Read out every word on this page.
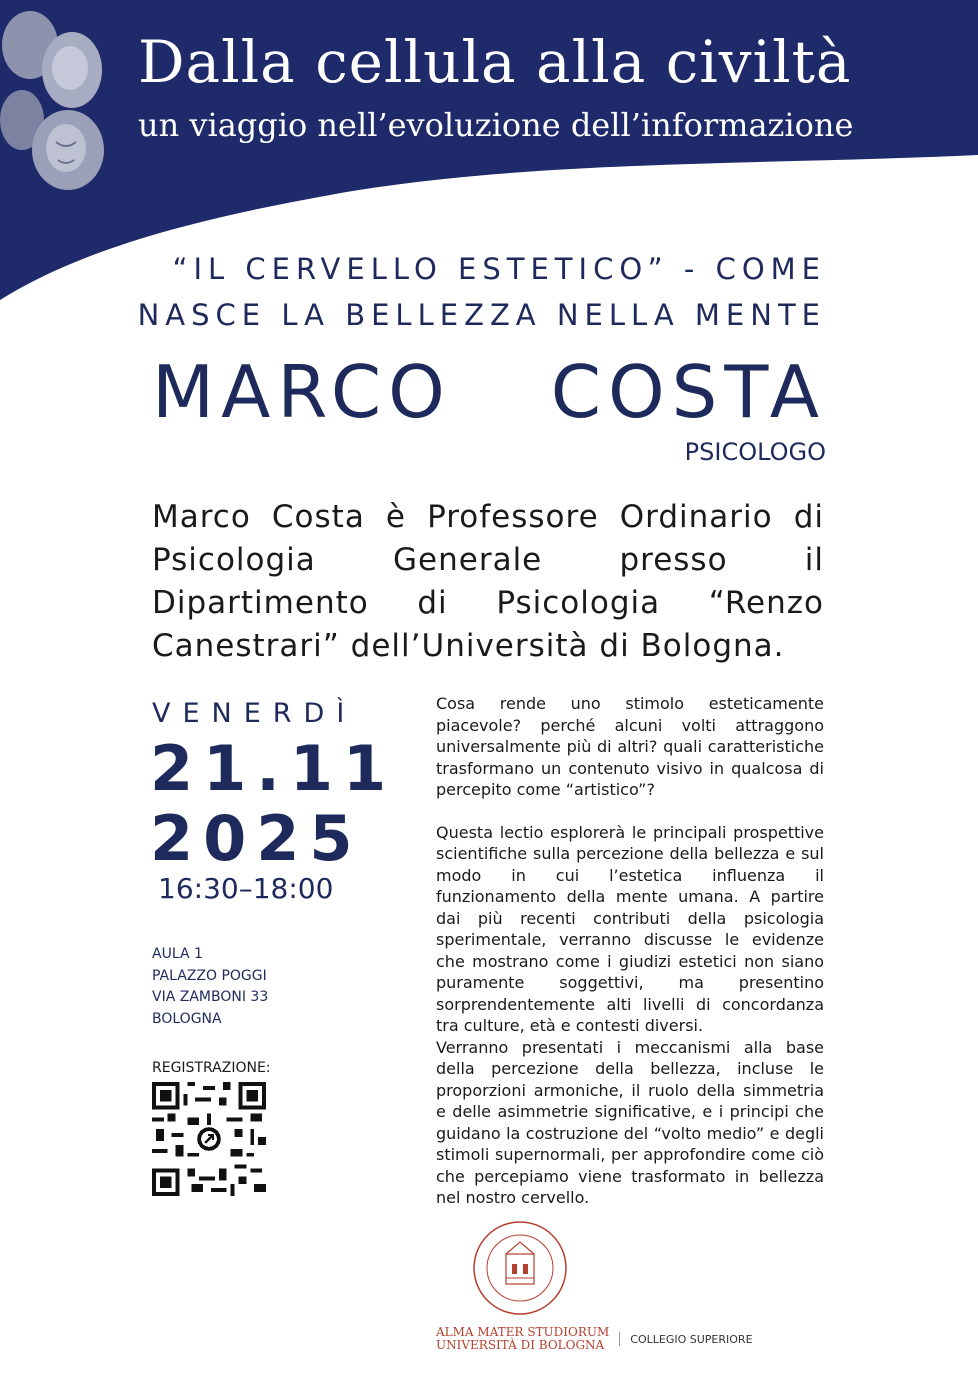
Dalla cellula alla civiltà
un viaggio nell’evoluzione dell’informazione
“IL CERVELLO ESTETICO” - COME
NASCE LA BELLEZZA NELLA MENTE
MARCO COSTA
PSICOLOGO
Marco Costa è Professore Ordinario di Psicologia Generale presso il Dipartimento di Psicologia “Renzo Canestrari” dell’Università di Bologna.
VENERDÌ
21.11
2025
16:30–18:00
AULA 1
PALAZZO POGGI
VIA ZAMBONI 33
BOLOGNA
REGISTRAZIONE:

Cosa rende uno stimolo esteticamente piacevole? perché alcuni volti attraggono universalmente più di altri? quali caratteristiche trasformano un contenuto visivo in qualcosa di percepito come “artistico”?

Questa lectio esplorerà le principali prospettive scientifiche sulla percezione della bellezza e sul modo in cui l’estetica influenza il funzionamento della mente umana. A partire dai più recenti contributi della psicologia sperimentale, verranno discusse le evidenze che mostrano come i giudizi estetici non siano puramente soggettivi, ma presentino sorprendentemente alti livelli di concordanza tra culture, età e contesti diversi.

Verranno presentati i meccanismi alla base della percezione della bellezza, incluse le proporzioni armoniche, il ruolo della simmetria e delle asimmetrie significative, e i principi che guidano la costruzione del “volto medio” e degli stimoli supernormali, per approfondire come ciò che percepiamo viene trasformato in bellezza nel nostro cervello.

ALMA MATER STUDIORUM
UNIVERSITÀ DI BOLOGNA	COLLEGIO SUPERIORE
